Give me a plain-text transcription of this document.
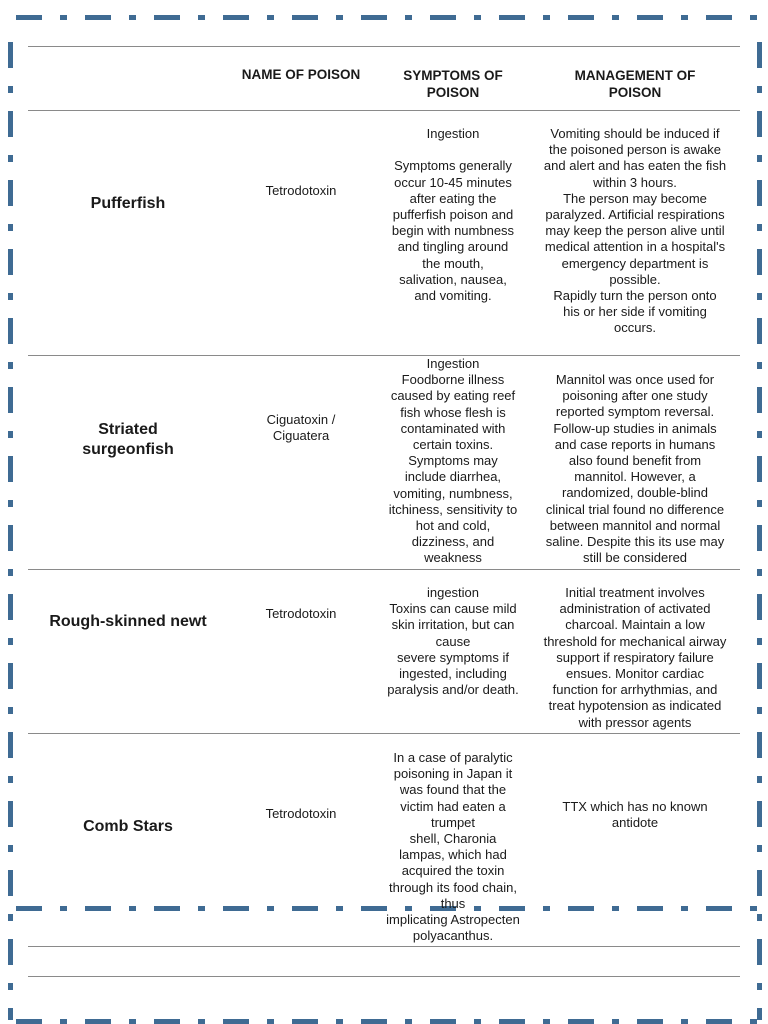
NAME OF POISON	SYMPTOMS OF
POISON
MANAGEMENT OF
POISON
Pufferfish
Tetrodotoxin
Ingestion

Symptoms generally
occur 10-45 minutes
after eating the
pufferfish poison and
begin with numbness
and tingling around
the mouth,
salivation, nausea,
and vomiting.
Vomiting should be induced if
the poisoned person is awake
and alert and has eaten the fish
within 3 hours.
The person may become
paralyzed. Artificial respirations
may keep the person alive until
medical attention in a hospital's
emergency department is
possible.
Rapidly turn the person onto
his or her side if vomiting
occurs.
Striated
surgeonfish
Ciguatoxin /
Ciguatera
Ingestion
Foodborne illness
caused by eating reef
fish whose flesh is
contaminated with
certain toxins.
Symptoms may
include diarrhea,
vomiting, numbness,
itchiness, sensitivity to
hot and cold,
dizziness, and
weakness
Mannitol was once used for
poisoning after one study
reported symptom reversal.
Follow-up studies in animals
and case reports in humans
also found benefit from
mannitol. However, a
randomized, double-blind
clinical trial found no difference
between mannitol and normal
saline. Despite this its use may
still be considered
Rough-skinned newt	Tetrodotoxin
ingestion
Toxins can cause mild
skin irritation, but can
cause
severe symptoms if
ingested, including
paralysis and/or death.
Initial treatment involves
administration of activated
charcoal. Maintain a low
threshold for mechanical airway
support if respiratory failure
ensues. Monitor cardiac
function for arrhythmias, and
treat hypotension as indicated
with pressor agents
Comb Stars
Tetrodotoxin
In a case of paralytic
poisoning in Japan it
was found that the
victim had eaten a
trumpet
shell, Charonia
lampas, which had
acquired the toxin
through its food chain,
thus
implicating Astropecten
polyacanthus.
TTX which has no known
antidote
